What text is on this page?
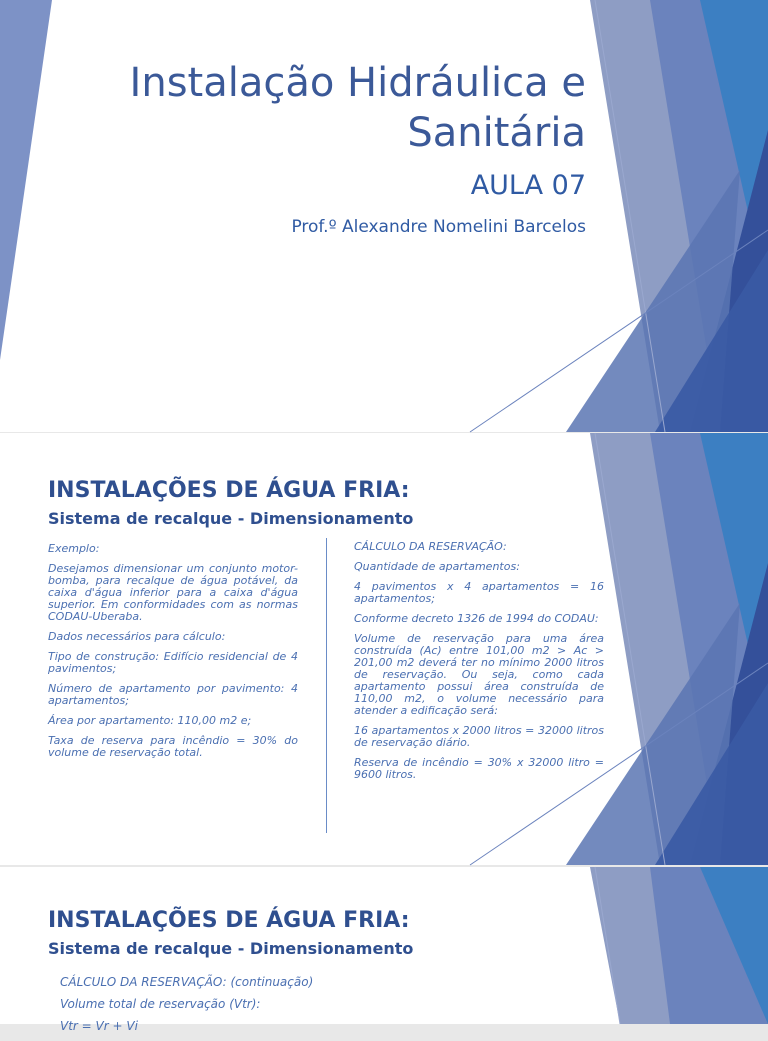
Instalação Hidráulica e
Sanitária
AULA 07

Prof.º Alexandre Nomelini Barcelos

INSTALAÇÕES DE ÁGUA FRIA:
Sistema de recalque - Dimensionamento

Exemplo:

Desejamos dimensionar um conjunto motor-bomba, para recalque de água potável, da caixa d'água inferior para a caixa d'água superior. Em conformidades com as normas CODAU-Uberaba.

Dados necessários para cálculo:

Tipo de construção: Edifício residencial de 4 pavimentos;

Número de apartamento por pavimento: 4 apartamentos;

Área por apartamento: 110,00 m2 e;

Taxa de reserva para incêndio = 30% do volume de reservação total.

CÁLCULO DA RESERVAÇÃO:

Quantidade de apartamentos:

4 pavimentos x 4 apartamentos = 16 apartamentos;

Conforme decreto 1326 de 1994 do CODAU:

Volume de reservação para uma área construída (Ac) entre 101,00 m2 > Ac > 201,00 m2 deverá ter no mínimo 2000 litros de reservação. Ou seja, como cada apartamento possui área construída de 110,00 m2, o volume necessário para atender a edificação será:

16 apartamentos x 2000 litros = 32000 litros de reservação diário.

Reserva de incêndio = 30% x 32000 litro = 9600 litros.

INSTALAÇÕES DE ÁGUA FRIA:
Sistema de recalque - Dimensionamento

CÁLCULO DA RESERVAÇÃO: (continuação)

Volume total de reservação (Vtr):

Vtr = Vr + Vi
